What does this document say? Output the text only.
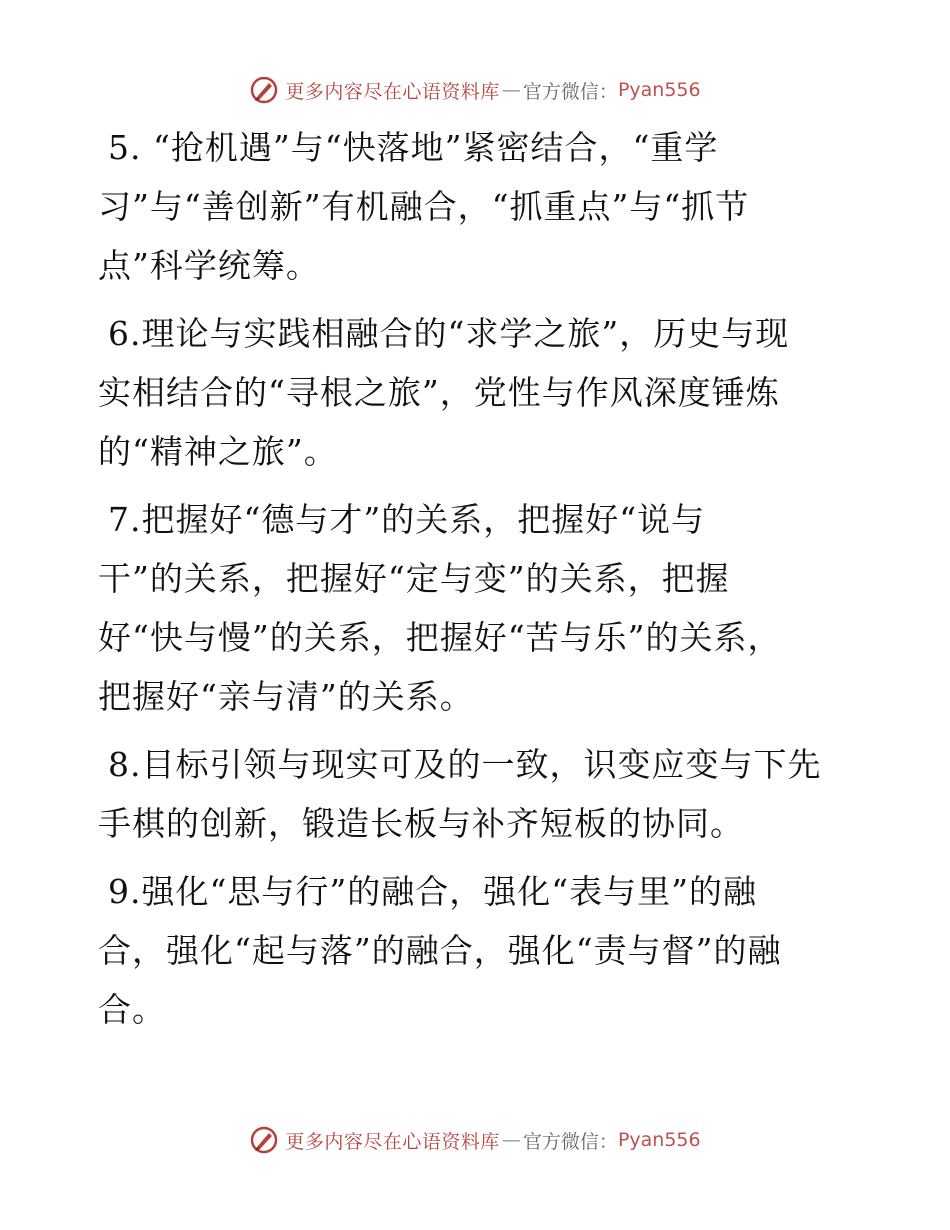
更多内容尽在心语资料库 — 官方微信： Pyan556
5. “抢机遇”与“快落地”紧密结合，“重学
习”与“善创新”有机融合，“抓重点”与“抓节
点”科学统筹。
6.理论与实践相融合的“求学之旅”，历史与现
实相结合的“寻根之旅”，党性与作风深度锤炼
的“精神之旅”。
7.把握好“德与才”的关系，把握好“说与
干”的关系，把握好“定与变”的关系，把握
好“快与慢”的关系，把握好“苦与乐”的关系，
把握好“亲与清”的关系。
8.目标引领与现实可及的一致，识变应变与下先
手棋的创新，锻造长板与补齐短板的协同。
9.强化“思与行”的融合，强化“表与里”的融
合，强化“起与落”的融合，强化“责与督”的融
合。
更多内容尽在心语资料库 — 官方微信： Pyan556
